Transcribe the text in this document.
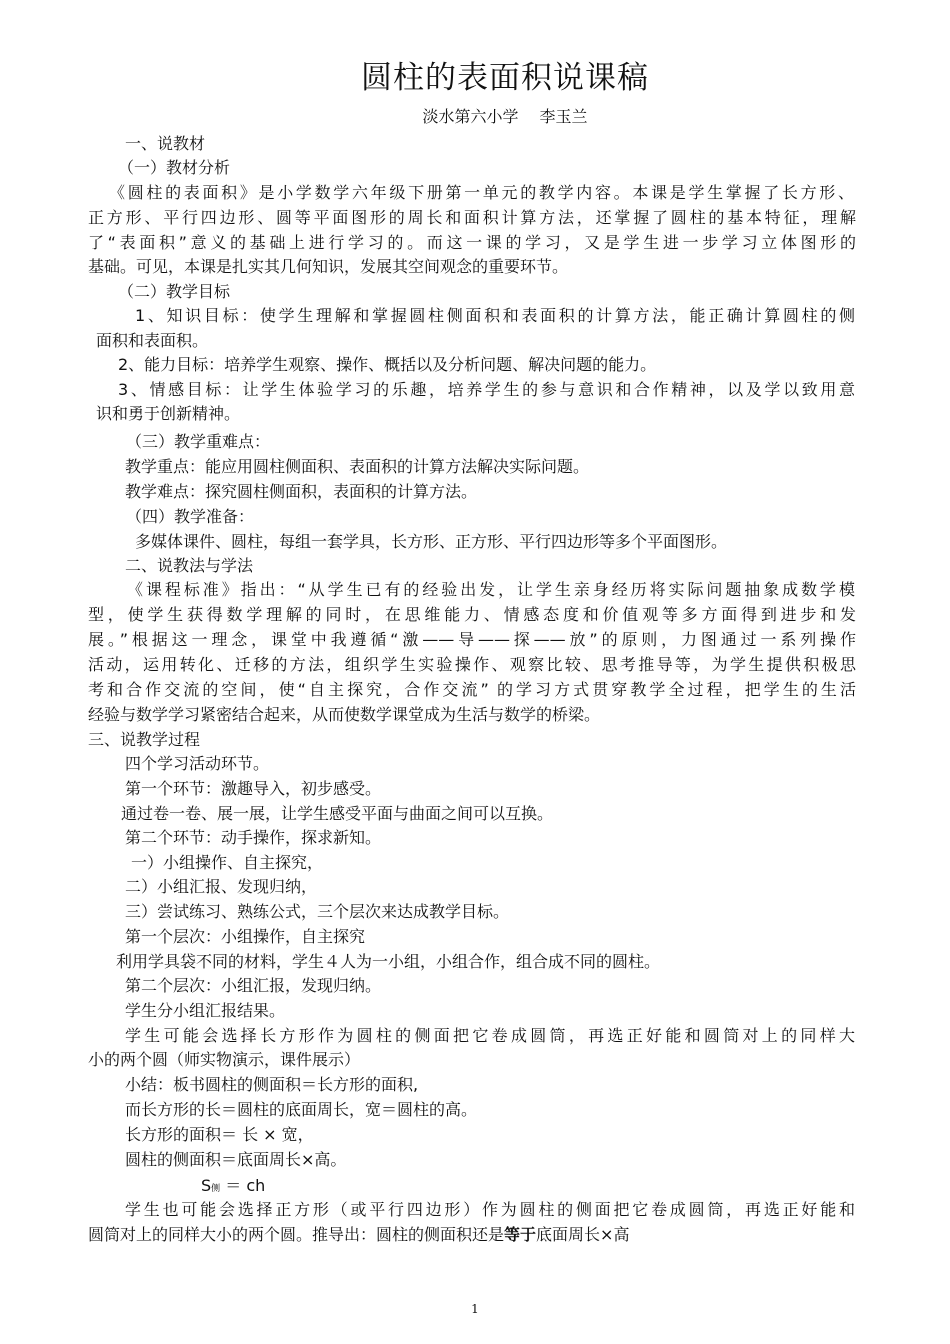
圆柱的表面积说课稿
淡水第六小学　 李玉兰
一、说教材
（一）教材分析
《圆柱的表面积》是小学数学六年级下册第一单元的教学内容。本课是学生掌握了长方形、
正方形、平行四边形、圆等平面图形的周长和面积计算方法，还掌握了圆柱的基本特征，理解
了“表面积”意义的基础上进行学习的。而这一课的学习，又是学生进一步学习立体图形的
基础。可见，本课是扎实其几何知识，发展其空间观念的重要环节。
（二）教学目标
1、知识目标：使学生理解和掌握圆柱侧面积和表面积的计算方法，能正确计算圆柱的侧
面积和表面积。
2、能力目标：培养学生观察、操作、概括以及分析问题、解决问题的能力。
3、情感目标：让学生体验学习的乐趣，培养学生的参与意识和合作精神，以及学以致用意
识和勇于创新精神。
（三）教学重难点：
教学重点：能应用圆柱侧面积、表面积的计算方法解决实际问题。
教学难点：探究圆柱侧面积，表面积的计算方法。
（四）教学准备：
多媒体课件、圆柱，每组一套学具，长方形、正方形、平行四边形等多个平面图形。
二、说教法与学法
《课程标准》指出：“从学生已有的经验出发，让学生亲身经历将实际问题抽象成数学模
型，使学生获得数学理解的同时，在思维能力、情感态度和价值观等多方面得到进步和发
展。”根据这一理念，课堂中我遵循“激——导——探——放”的原则，力图通过一系列操作
活动，运用转化、迁移的方法，组织学生实验操作、观察比较、思考推导等，为学生提供积极思
考和合作交流的空间，使“自主探究，合作交流” 的学习方式贯穿教学全过程，把学生的生活
经验与数学学习紧密结合起来，从而使数学课堂成为生活与数学的桥梁。
三、说教学过程
四个学习活动环节。
第一个环节：激趣导入，初步感受。
通过卷一卷、展一展，让学生感受平面与曲面之间可以互换。
第二个环节：动手操作，探求新知。
一）小组操作、自主探究，
二）小组汇报、发现归纳，
三）尝试练习、熟练公式，三个层次来达成教学目标。
第一个层次：小组操作，自主探究
利用学具袋不同的材料，学生４人为一小组，小组合作，组合成不同的圆柱。
第二个层次：小组汇报，发现归纳。
学生分小组汇报结果。
学生可能会选择长方形作为圆柱的侧面把它卷成圆筒，再选正好能和圆筒对上的同样大
小的两个圆（师实物演示，课件展示）
小结：板书圆柱的侧面积＝长方形的面积,
而长方形的长＝圆柱的底面周长，宽＝圆柱的高。
长方形的面积＝ 长 × 宽，
圆柱的侧面积＝底面周长×高。
S侧 ＝ ch
学生也可能会选择正方形（或平行四边形）作为圆柱的侧面把它卷成圆筒，再选正好能和
圆筒对上的同样大小的两个圆。推导出：圆柱的侧面积还是等于底面周长×高
1
